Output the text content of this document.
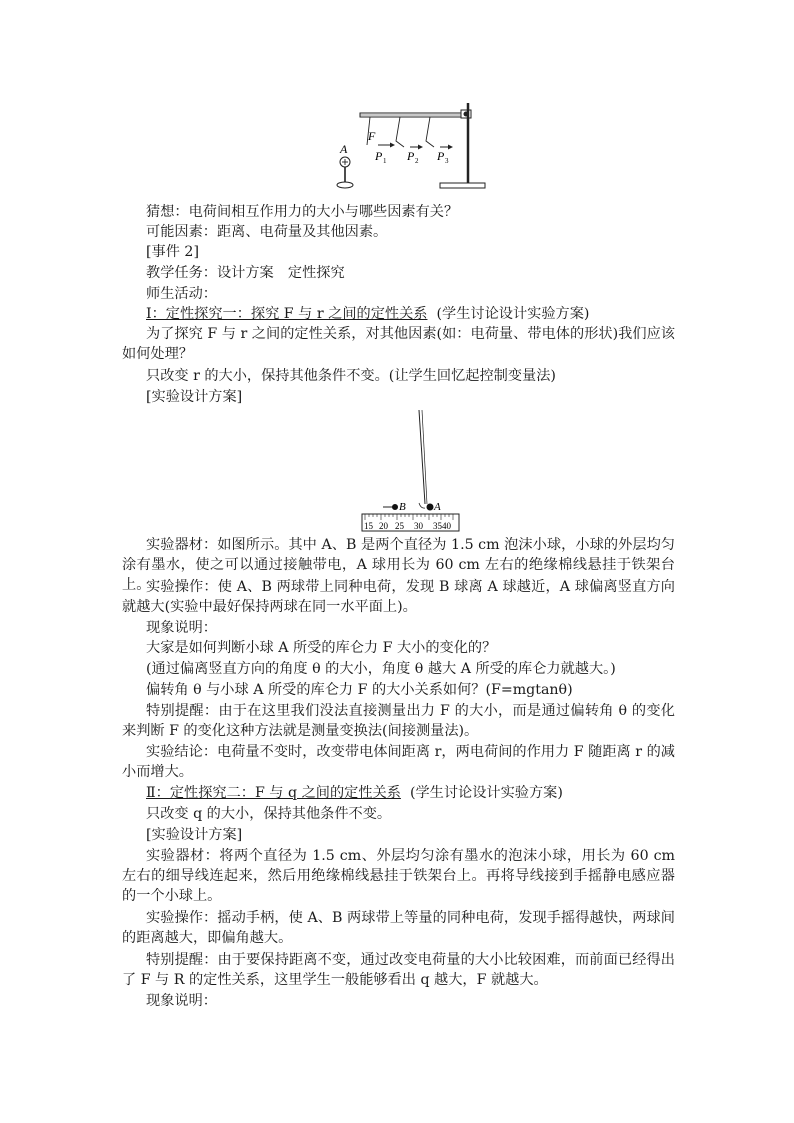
F
P 1 P 2 P 3
A
猜想：电荷间相互作用力的大小与哪些因素有关？
可能因素：距离、电荷量及其他因素。
[事件 2]
教学任务：设计方案　定性探究
师生活动：
Ⅰ：定性探究一：探究 F 与 r 之间的定性关系 (学生讨论设计实验方案)
为了探究 F 与 r 之间的定性关系，对其他因素(如：电荷量、带电体的形状)我们应该如何处理？
只改变 r 的大小，保持其他条件不变。(让学生回忆起控制变量法)
[实验设计方案]
B	A
15 20 25 30 3540
实验器材：如图所示。其中 A、B 是两个直径为 1.5 cm 泡沫小球，小球的外层均匀涂有墨水，使之可以通过接触带电，A 球用长为 60 cm 左右的绝缘棉线悬挂于铁架台上。
实验操作：使 A、B 两球带上同种电荷，发现 B 球离 A 球越近，A 球偏离竖直方向就越大(实验中最好保持两球在同一水平面上)。
现象说明：
大家是如何判断小球 A 所受的库仑力 F 大小的变化的？
(通过偏离竖直方向的角度 θ 的大小，角度 θ 越大 A 所受的库仑力就越大。)
偏转角 θ 与小球 A 所受的库仑力 F 的大小关系如何？(F=mgtanθ)
特别提醒：由于在这里我们没法直接测量出力 F 的大小，而是通过偏转角 θ 的变化来判断 F 的变化这种方法就是测量变换法(间接测量法)。
实验结论：电荷量不变时，改变带电体间距离 r，两电荷间的作用力 F 随距离 r 的减小而增大。
Ⅱ：定性探究二：F 与 q 之间的定性关系 (学生讨论设计实验方案)
只改变 q 的大小，保持其他条件不变。
[实验设计方案]
实验器材：将两个直径为 1.5 cm、外层均匀涂有墨水的泡沫小球，用长为 60 cm 左右的细导线连起来，然后用绝缘棉线悬挂于铁架台上。再将导线接到手摇静电感应器的一个小球上。
实验操作：摇动手柄，使 A、B 两球带上等量的同种电荷，发现手摇得越快，两球间的距离越大，即偏角越大。
特别提醒：由于要保持距离不变，通过改变电荷量的大小比较困难，而前面已经得出了 F 与 R 的定性关系，这里学生一般能够看出 q 越大，F 就越大。
现象说明：
